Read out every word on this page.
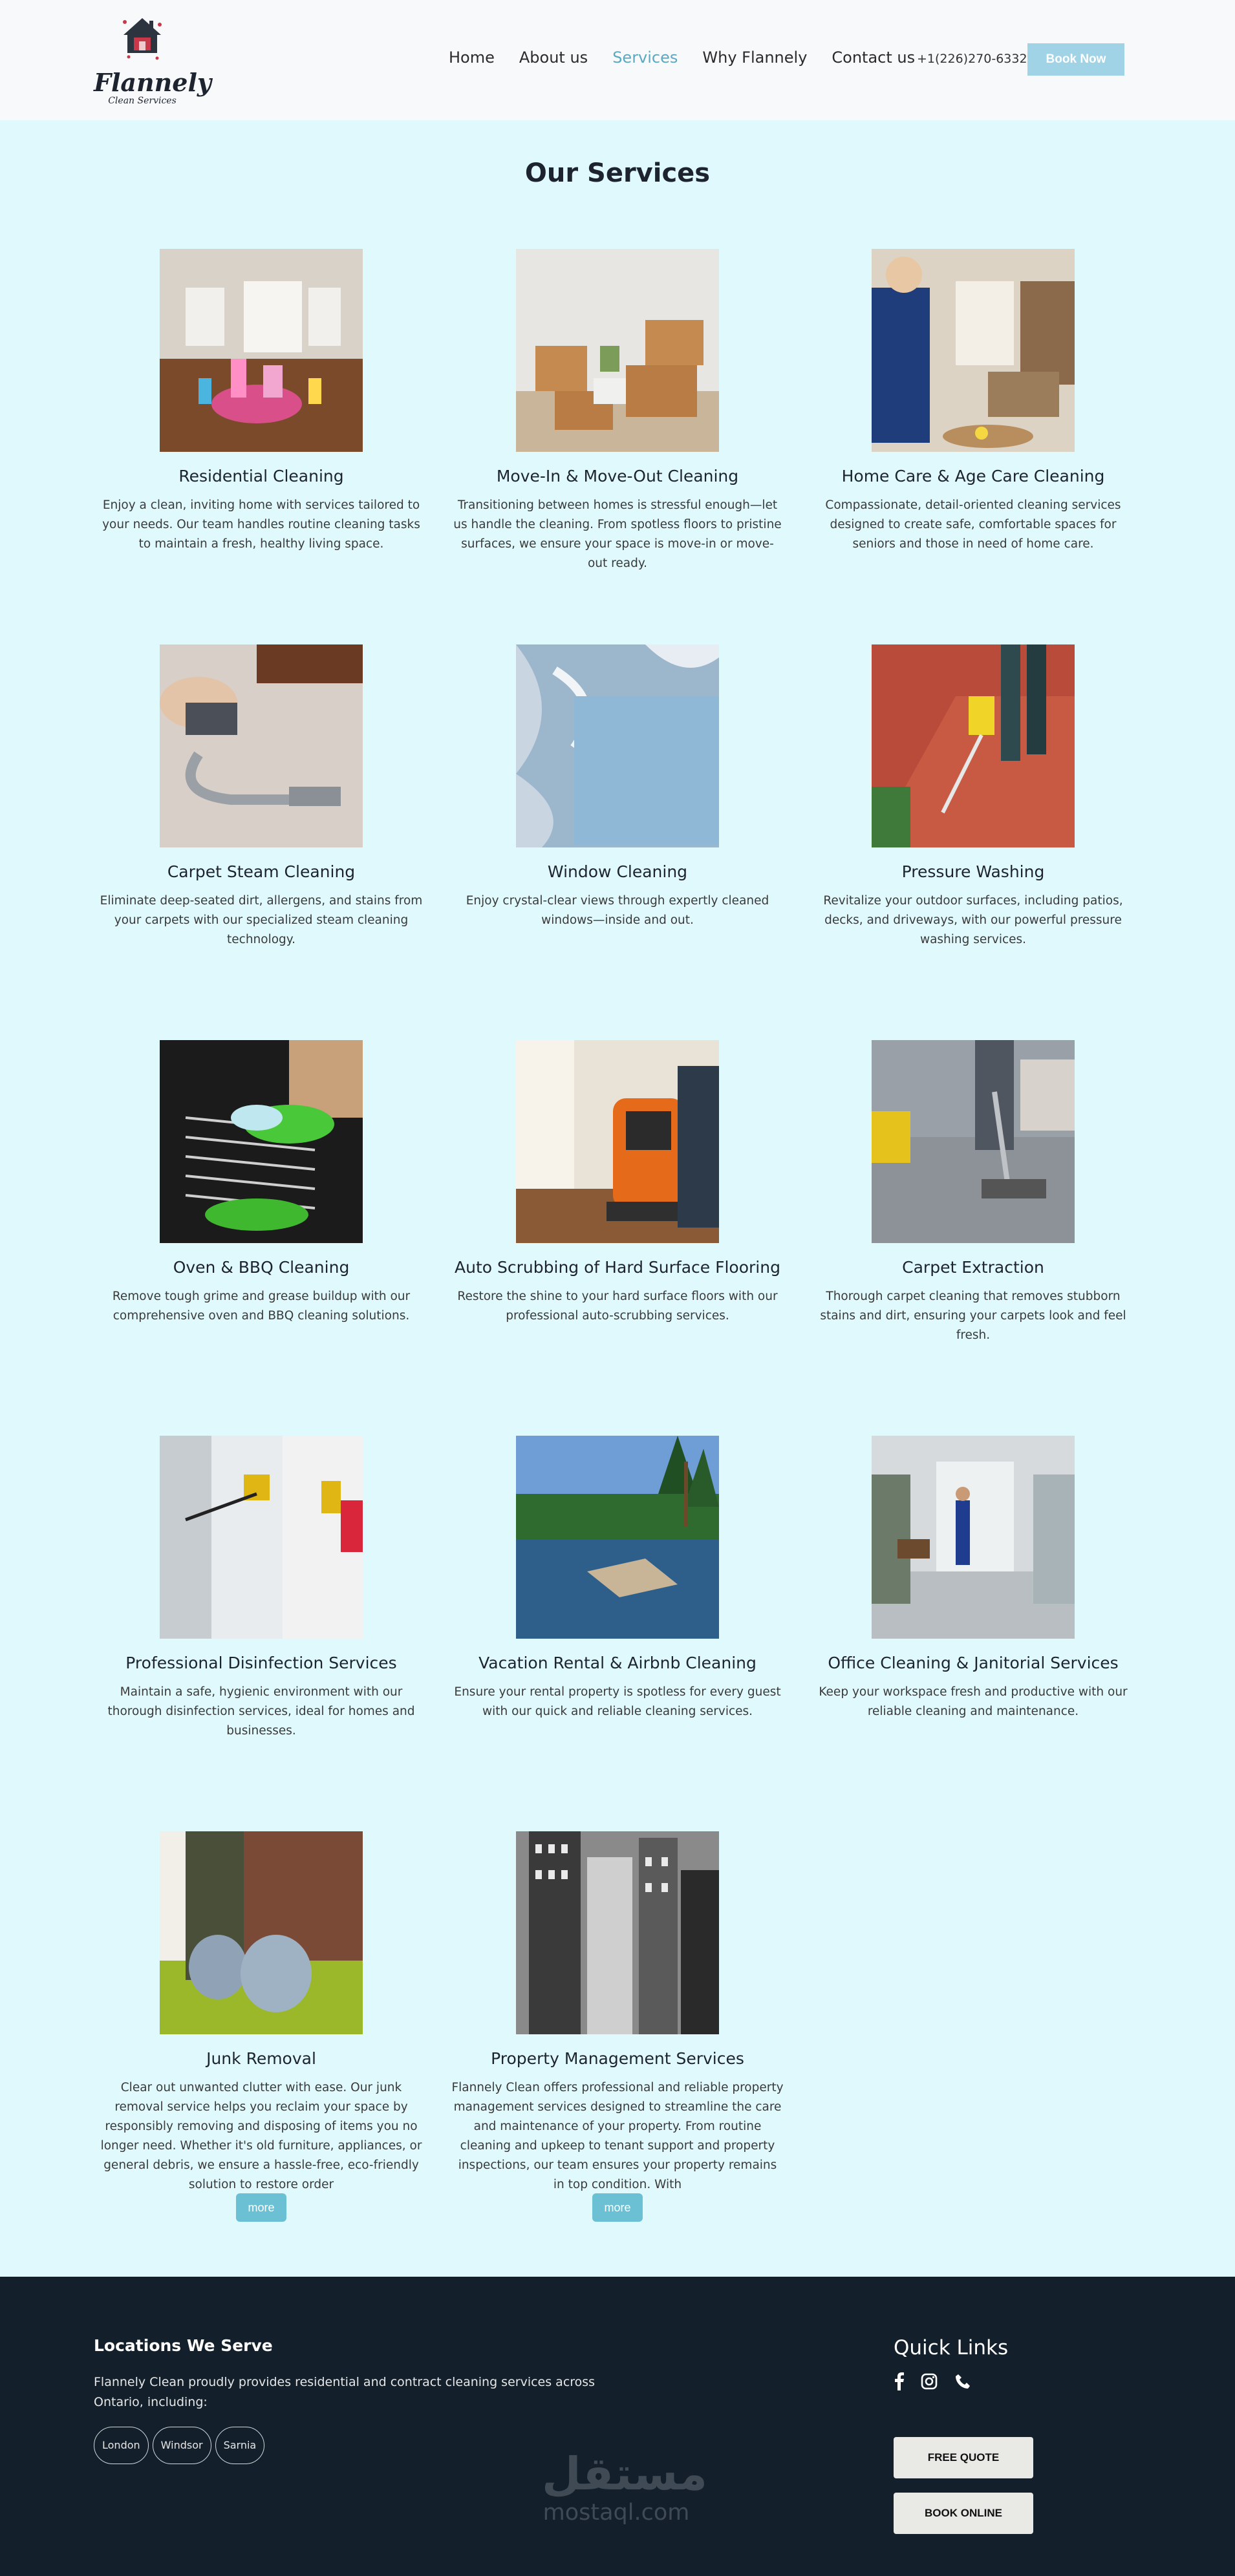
Flannely
Clean Services
Home About us Services Why Flannely Contact us +1(226)270-6332	Book Now
Our Services
Residential Cleaning

Enjoy a clean, inviting home with services tailored to your needs. Our team handles routine cleaning tasks to maintain a fresh, healthy living space.

Move-In & Move-Out Cleaning

Transitioning between homes is stressful enough—let us handle the cleaning. From spotless floors to pristine surfaces, we ensure your space is move-in or move-out ready.

Home Care & Age Care Cleaning

Compassionate, detail-oriented cleaning services designed to create safe, comfortable spaces for seniors and those in need of home care.

Carpet Steam Cleaning

Eliminate deep-seated dirt, allergens, and stains from your carpets with our specialized steam cleaning technology.

Window Cleaning

Enjoy crystal-clear views through expertly cleaned windows—inside and out.

Pressure Washing

Revitalize your outdoor surfaces, including patios, decks, and driveways, with our powerful pressure washing services.

Oven & BBQ Cleaning

Remove tough grime and grease buildup with our comprehensive oven and BBQ cleaning solutions.

Auto Scrubbing of Hard Surface Flooring

Restore the shine to your hard surface floors with our professional auto-scrubbing services.

Carpet Extraction

Thorough carpet cleaning that removes stubborn stains and dirt, ensuring your carpets look and feel fresh.

Professional Disinfection Services

Maintain a safe, hygienic environment with our thorough disinfection services, ideal for homes and businesses.

Vacation Rental & Airbnb Cleaning

Ensure your rental property is spotless for every guest with our quick and reliable cleaning services.

Office Cleaning & Janitorial Services

Keep your workspace fresh and productive with our reliable cleaning and maintenance.

Junk Removal

Clear out unwanted clutter with ease. Our junk removal service helps you reclaim your space by responsibly removing and disposing of items you no longer need. Whether it's old furniture, appliances, or general debris, we ensure a hassle-free, eco-friendly solution to restore order

more
Property Management Services

Flannely Clean offers professional and reliable property management services designed to streamline the care and maintenance of your property. From routine cleaning and upkeep to tenant support and property inspections, our team ensures your property remains in top condition. With

more
Locations We Serve
Flannely Clean proudly provides residential and contract cleaning services across Ontario, including:
London	Windsor	Sarnia
مستقل
mostaql.com
Quick Links
FREE QUOTE
BOOK ONLINE
